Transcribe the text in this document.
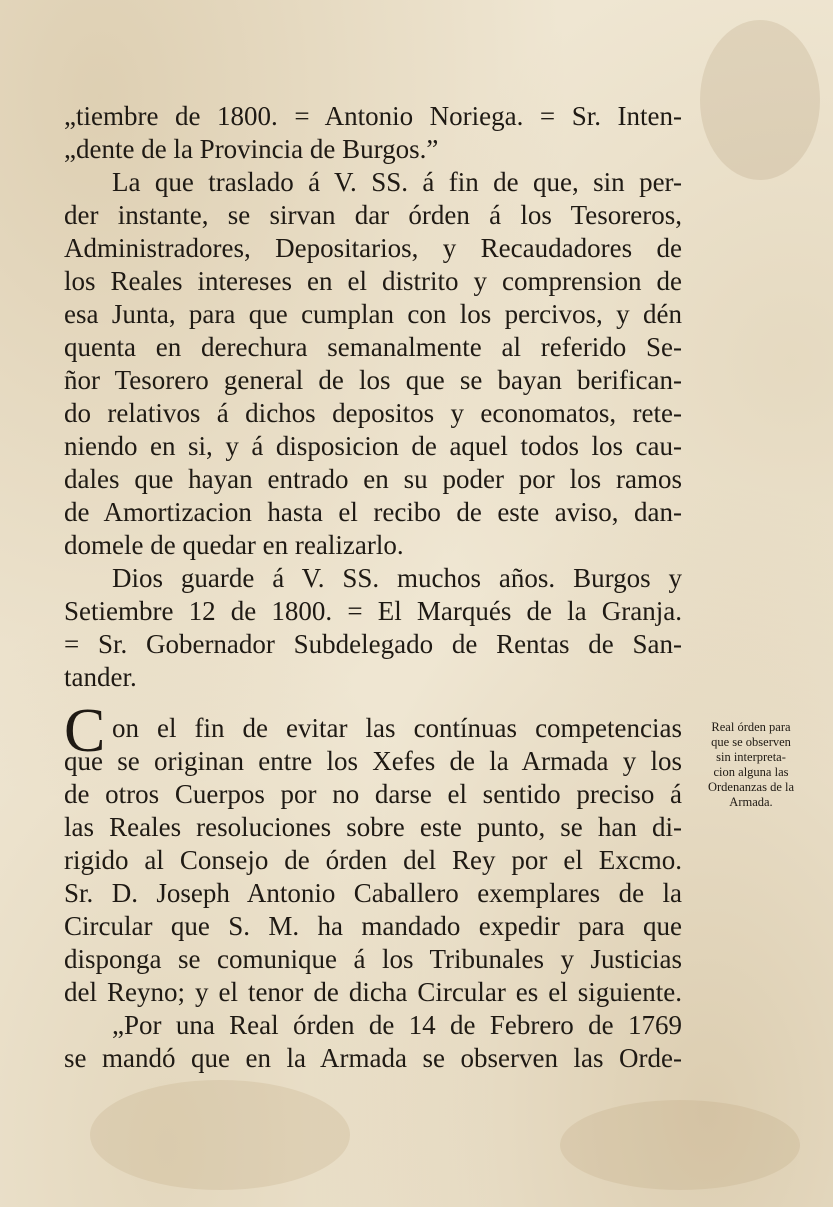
„tiembre de 1800. = Antonio Noriega. = Sr. Inten-
„dente de la Provincia de Burgos.”
La que traslado á V. SS. á fin de que, sin per-
der instante, se sirvan dar órden á los Tesoreros,
Administradores, Depositarios, y Recaudadores de
los Reales intereses en el distrito y comprension de
esa Junta, para que cumplan con los percivos, y dén
quenta en derechura semanalmente al referido Se-
ñor Tesorero general de los que se bayan berifican-
do relativos á dichos depositos y economatos, rete-
niendo en si, y á disposicion de aquel todos los cau-
dales que hayan entrado en su poder por los ramos
de Amortizacion hasta el recibo de este aviso, dan-
domele de quedar en realizarlo.
Dios guarde á V. SS. muchos años. Burgos y
Setiembre 12 de 1800. = El Marqués de la Granja.
= Sr. Gobernador Subdelegado de Rentas de San-
tander.
C on el fin de evitar las contínuas competencias
que se originan entre los Xefes de la Armada y los
de otros Cuerpos por no darse el sentido preciso á
las Reales resoluciones sobre este punto, se han di-
rigido al Consejo de órden del Rey por el Excmo.
Sr. D. Joseph Antonio Caballero exemplares de la
Circular que S. M. ha mandado expedir para que
disponga se comunique á los Tribunales y Justicias
del Reyno; y el tenor de dicha Circular es el siguiente.
„Por una Real órden de 14 de Febrero de 1769
se mandó que en la Armada se observen las Orde-
Real órden para
que se observen
sin interpreta-
cion alguna las
Ordenanzas de la
Armada.
